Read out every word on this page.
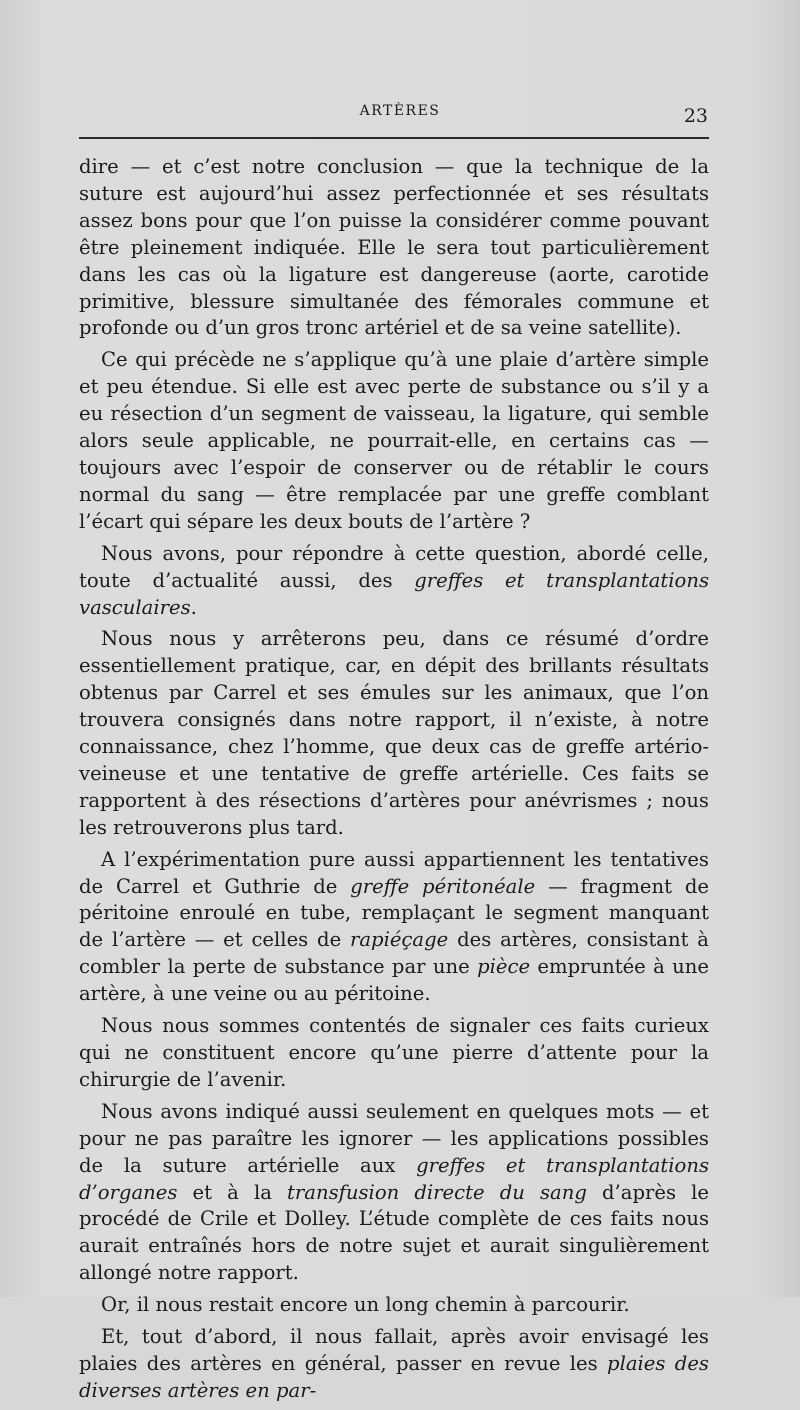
ARTÈRES	23

dire — et c’est notre conclusion — que la technique de la suture est aujourd’hui assez perfectionnée et ses résultats assez bons pour que l’on puisse la considérer comme pouvant être pleinement indiquée. Elle le sera tout particulièrement dans les cas où la ligature est dangereuse (aorte, carotide primitive, blessure simultanée des fémorales commune et profonde ou d’un gros tronc artériel et de sa veine satellite).

Ce qui précède ne s’applique qu’à une plaie d’artère simple et peu étendue. Si elle est avec perte de substance ou s’il y a eu résection d’un segment de vaisseau, la ligature, qui semble alors seule applicable, ne pourrait-elle, en certains cas — toujours avec l’espoir de conserver ou de rétablir le cours normal du sang — être remplacée par une greffe comblant l’écart qui sépare les deux bouts de l’artère ?

Nous avons, pour répondre à cette question, abordé celle, toute d’actualité aussi, des greffes et transplantations vasculaires.

Nous nous y arrêterons peu, dans ce résumé d’ordre essentiellement pratique, car, en dépit des brillants résultats obtenus par Carrel et ses émules sur les animaux, que l’on trouvera consignés dans notre rapport, il n’existe, à notre connaissance, chez l’homme, que deux cas de greffe artério-veineuse et une tentative de greffe artérielle. Ces faits se rapportent à des résections d’artères pour anévrismes ; nous les retrouverons plus tard.

A l’expérimentation pure aussi appartiennent les tentatives de Carrel et Guthrie de greffe péritonéale — fragment de péritoine enroulé en tube, remplaçant le segment manquant de l’artère — et celles de rapiéçage des artères, consistant à combler la perte de substance par une pièce empruntée à une artère, à une veine ou au péritoine.

Nous nous sommes contentés de signaler ces faits curieux qui ne constituent encore qu’une pierre d’attente pour la chirurgie de l’avenir.

Nous avons indiqué aussi seulement en quelques mots — et pour ne pas paraître les ignorer — les applications possibles de la suture artérielle aux greffes et transplantations d’organes et à la transfusion directe du sang d’après le procédé de Crile et Dolley. L’étude complète de ces faits nous aurait entraînés hors de notre sujet et aurait singulièrement allongé notre rapport.

Or, il nous restait encore un long chemin à parcourir.

Et, tout d’abord, il nous fallait, après avoir envisagé les plaies des artères en général, passer en revue les plaies des diverses artères en par-
